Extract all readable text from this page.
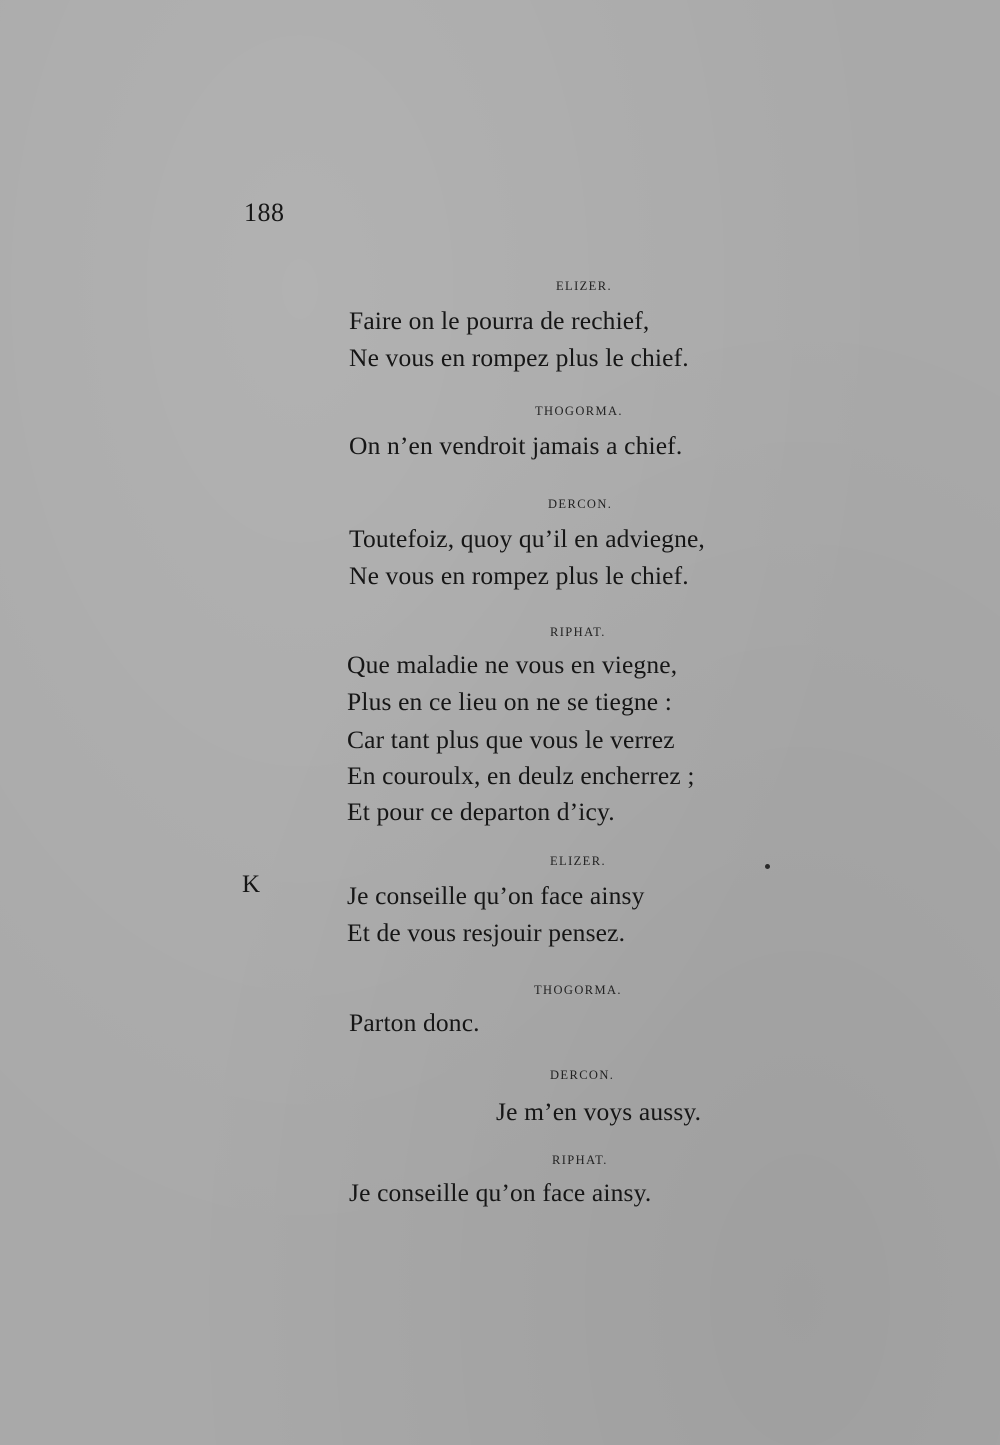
188
K
ELIZER.
Faire on le pourra de rechief,
Ne vous en rompez plus le chief.
THOGORMA.
On n’en vendroit jamais a chief.
DERCON.
Toutefoiz, quoy qu’il en adviegne,
Ne vous en rompez plus le chief.
RIPHAT.
Que maladie ne vous en viegne,
Plus en ce lieu on ne se tiegne :
Car tant plus que vous le verrez
En couroulx, en deulz encherrez ;
Et pour ce departon d’icy.
ELIZER.
Je conseille qu’on face ainsy
Et de vous resjouir pensez.
THOGORMA.
Parton donc.
DERCON.
Je m’en voys aussy.
RIPHAT.
Je conseille qu’on face ainsy.
